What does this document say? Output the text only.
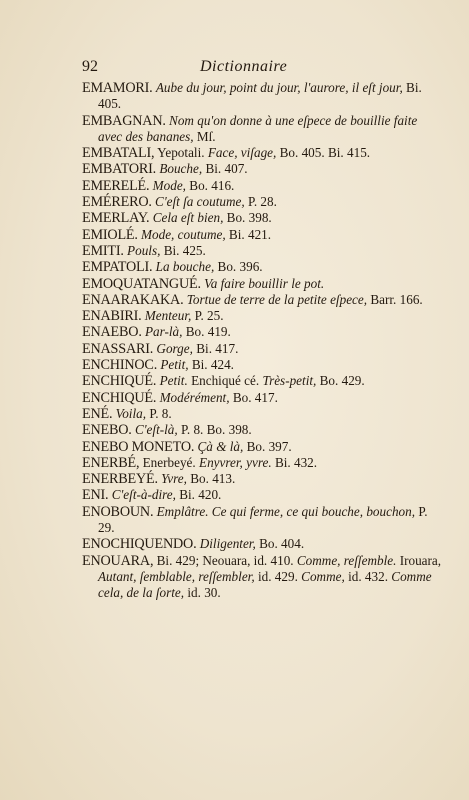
92	Dictionnaire

EMAMORI. Aube du jour, point du jour, l'aurore, il eſt jour, Bi. 405.

EMBAGNAN. Nom qu'on donne à une eſpece de bouillie faite avec des bananes, Mſ.

EMBATALI, Yepotali. Face, viſage, Bo. 405. Bi. 415.

EMBATORI. Bouche, Bi. 407.

EMERELÉ. Mode, Bo. 416.

EMÉRERO. C'eſt ſa coutume, P. 28.

EMERLAY. Cela eſt bien, Bo. 398.

EMIOLÉ. Mode, coutume, Bi. 421.

EMITI. Pouls, Bi. 425.

EMPATOLI. La bouche, Bo. 396.

EMOQUATANGUÉ. Va faire bouillir le pot.

ENAARAKAKA. Tortue de terre de la petite eſpece, Barr. 166.

ENABIRI. Menteur, P. 25.

ENAEBO. Par-là, Bo. 419.

ENASSARI. Gorge, Bi. 417.

ENCHINOC. Petit, Bi. 424.

ENCHIQUÉ. Petit. Enchiqué cé. Très-petit, Bo. 429.

ENCHIQUÉ. Modérément, Bo. 417.

ENÉ. Voila, P. 8.

ENEBO. C'eſt-là, P. 8. Bo. 398.

ENEBO MONETO. Çà & là, Bo. 397.

ENERBÉ, Enerbeyé. Enyvrer, yvre. Bi. 432.

ENERBEYÉ. Yvre, Bo. 413.

ENI. C'eſt-à-dire, Bi. 420.

ENOBOUN. Emplâtre. Ce qui ferme, ce qui bouche, bouchon, P. 29.

ENOCHIQUENDO. Diligenter, Bo. 404.

ENOUARA, Bi. 429; Neouara, id. 410. Comme, reſſemble. Irouara, Autant, ſemblable, reſſembler, id. 429. Comme, id. 432. Comme cela, de la ſorte, id. 30.
